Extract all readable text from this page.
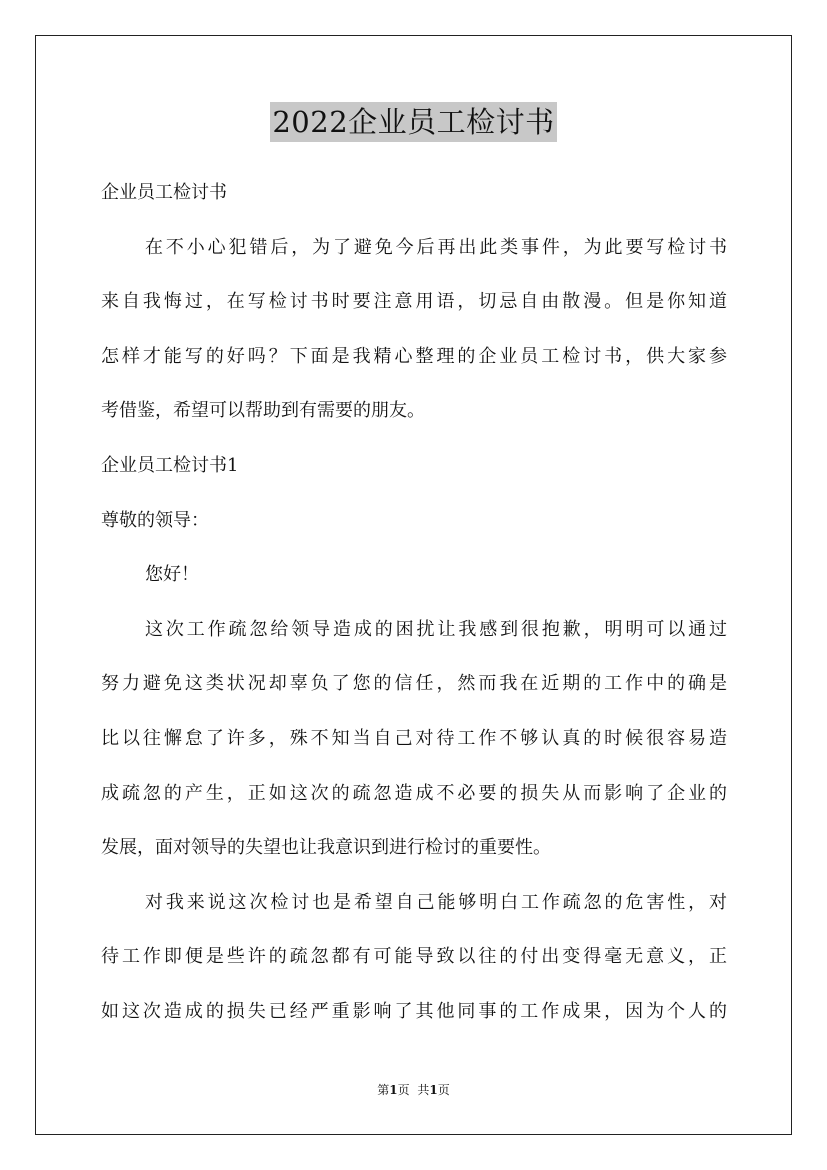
2022企业员工检讨书
企业员工检讨书
在不小心犯错后，为了避免今后再出此类事件，为此要写检讨书
来自我悔过，在写检讨书时要注意用语，切忌自由散漫。但是你知道
怎样才能写的好吗？下面是我精心整理的企业员工检讨书，供大家参
考借鉴，希望可以帮助到有需要的朋友。
企业员工检讨书1
尊敬的领导：
您好！
这次工作疏忽给领导造成的困扰让我感到很抱歉，明明可以通过
努力避免这类状况却辜负了您的信任，然而我在近期的工作中的确是
比以往懈怠了许多，殊不知当自己对待工作不够认真的时候很容易造
成疏忽的产生，正如这次的疏忽造成不必要的损失从而影响了企业的
发展，面对领导的失望也让我意识到进行检讨的重要性。
对我来说这次检讨也是希望自己能够明白工作疏忽的危害性，对
待工作即便是些许的疏忽都有可能导致以往的付出变得毫无意义，正
如这次造成的损失已经严重影响了其他同事的工作成果，因为个人的
第1页 共1页
